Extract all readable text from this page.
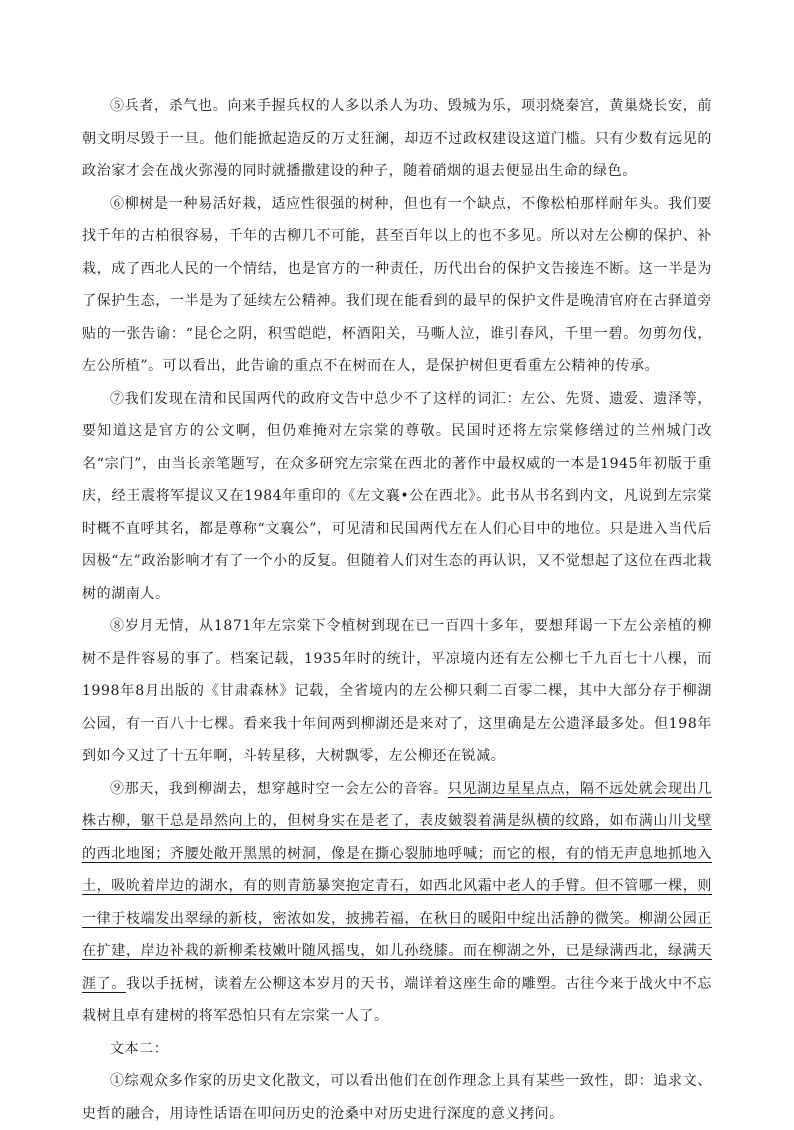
⑤兵者，杀气也。向来手握兵权的人多以杀人为功、毁城为乐，项羽烧秦宫，黄巢烧长安，前朝文明尽毁于一旦。他们能掀起造反的万丈狂澜，却迈不过政权建设这道门槛。只有少数有远见的政治家才会在战火弥漫的同时就播撒建设的种子，随着硝烟的退去便显出生命的绿色。

⑥柳树是一种易活好栽，适应性很强的树种，但也有一个缺点，不像松柏那样耐年头。我们要找千年的古柏很容易，千年的古柳几不可能，甚至百年以上的也不多见。所以对左公柳的保护、补栽，成了西北人民的一个情结，也是官方的一种责任，历代出台的保护文告接连不断。这一半是为了保护生态，一半是为了延续左公精神。我们现在能看到的最早的保护文件是晚清官府在古驿道旁贴的一张告谕：“昆仑之阴，积雪皑皑，杯酒阳关，马嘶人泣，谁引春风，千里一碧。勿剪勿伐，左公所植”。可以看出，此告谕的重点不在树而在人，是保护树但更看重左公精神的传承。

⑦我们发现在清和民国两代的政府文告中总少不了这样的词汇：左公、先贤、遗爱、遗泽等，要知道这是官方的公文啊，但仍难掩对左宗棠的尊敬。民国时还将左宗棠修缮过的兰州城门改名“宗门”，由当长亲笔题写，在众多研究左宗棠在西北的著作中最权威的一本是1945年初版于重庆，经王震将军提议又在1984年重印的《左文襄•公在西北》。此书从书名到内文，凡说到左宗棠时概不直呼其名，都是尊称“文襄公”，可见清和民国两代左在人们心目中的地位。只是进入当代后因极“左”政治影响才有了一个小的反复。但随着人们对生态的再认识，又不觉想起了这位在西北栽树的湖南人。

⑧岁月无情，从1871年左宗棠下令植树到现在已一百四十多年，要想拜谒一下左公亲植的柳树不是件容易的事了。档案记载，1935年时的统计，平凉境内还有左公柳七千九百七十八棵，而1998年8月出版的《甘肃森林》记载，全省境内的左公柳只剩二百零二棵，其中大部分存于柳湖公园，有一百八十七棵。看来我十年间两到柳湖还是来对了，这里确是左公遗泽最多处。但198年到如今又过了十五年啊，斗转星移，大树飘零，左公柳还在锐减。

⑨那天，我到柳湖去，想穿越时空一会左公的音容。只见湖边星星点点，隔不远处就会现出几株古柳，躯干总是昂然向上的，但树身实在是老了，表皮皴裂着满是纵横的纹路，如布满山川戈壁的西北地图；齐腰处敞开黑黑的树洞，像是在撕心裂肺地呼喊；而它的根，有的悄无声息地抓地入土，吸吮着岸边的湖水，有的则青筋暴突抱定青石，如西北风霜中老人的手臂。但不管哪一棵，则一律于枝端发出翠绿的新枝，密浓如发，披拂若福，在秋日的暖阳中绽出活静的微笑。柳湖公园正在扩建，岸边补栽的新柳柔枝嫩叶随风摇曳，如儿孙绕膝。而在柳湖之外，已是绿满西北，绿满天涯了。我以手抚树，读着左公柳这本岁月的天书，端详着这座生命的雕塑。古往今来于战火中不忘栽树且卓有建树的将军恐怕只有左宗棠一人了。

文本二：

①综观众多作家的历史文化散文，可以看出他们在创作理念上具有某些一致性，即：追求文、史哲的融合，用诗性话语在叩问历史的沧桑中对历史进行深度的意义拷问。
